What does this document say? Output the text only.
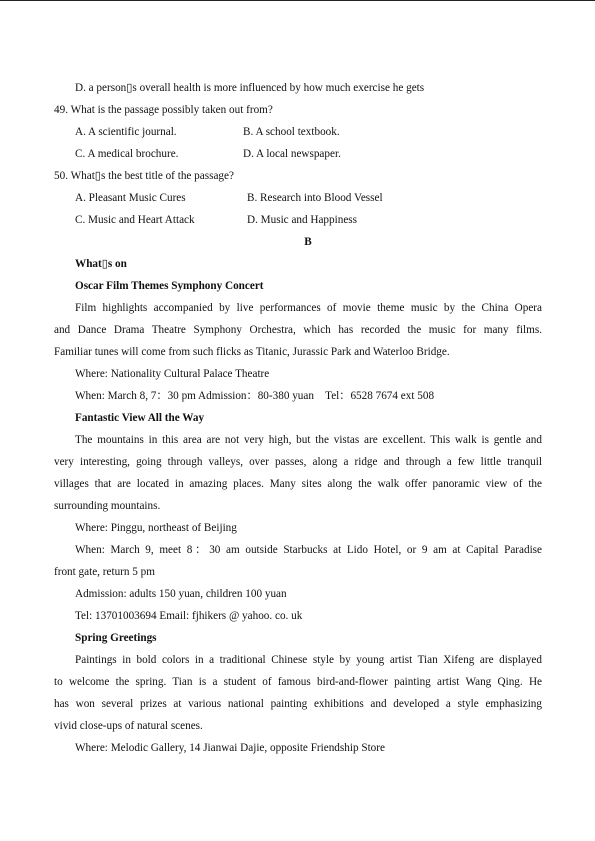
D. a person▯s overall health is more influenced by how much exercise he gets
49. What is the passage possibly taken out from?
A. A scientific journal.	B. A school textbook.
C. A medical brochure.	D. A local newspaper.
50. What▯s the best title of the passage?
A. Pleasant Music Cures	B. Research into Blood Vessel
C. Music and Heart Attack	D. Music and Happiness
B
What▯s on
Oscar Film Themes Symphony Concert
Film highlights accompanied by live performances of movie theme music by the China Opera
and Dance Drama Theatre Symphony Orchestra, which has recorded the music for many films.
Familiar tunes will come from such flicks as Titanic, Jurassic Park and Waterloo Bridge.
Where: Nationality Cultural Palace Theatre
When: March 8, 7：30 pm Admission：80-380 yuan    Tel：6528 7674 ext 508
Fantastic View All the Way
The mountains in this area are not very high, but the vistas are excellent. This walk is gentle and
very interesting, going through valleys, over passes, along a ridge and through a few little tranquil
villages that are located in amazing places. Many sites along the walk offer panoramic view of the
surrounding mountains.
Where: Pinggu, northeast of Beijing
When: March 9, meet 8：30 am outside Starbucks at Lido Hotel, or 9 am at Capital Paradise
front gate, return 5 pm
Admission: adults 150 yuan, children 100 yuan
Tel: 13701003694 Email: fjhikers @ yahoo. co. uk
Spring Greetings
Paintings in bold colors in a traditional Chinese style by young artist Tian Xifeng are displayed
to welcome the spring. Tian is a student of famous bird-and-flower painting artist Wang Qing. He
has won several prizes at various national painting exhibitions and developed a style emphasizing
vivid close-ups of natural scenes.
Where: Melodic Gallery, 14 Jianwai Dajie, opposite Friendship Store
